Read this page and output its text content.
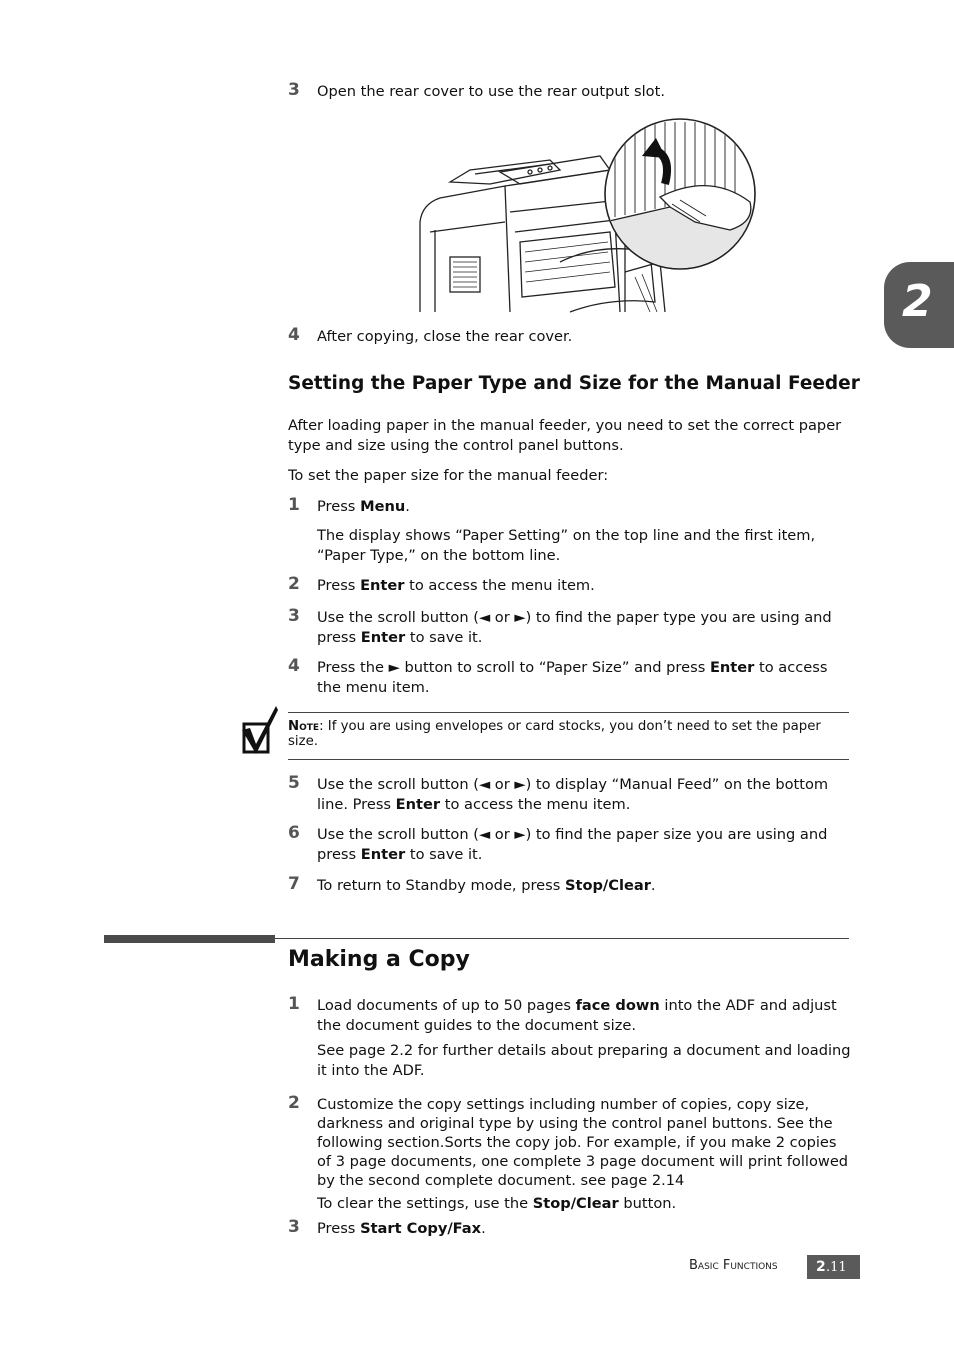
2
3 Open the rear cover to use the rear output slot.
4 After copying, close the rear cover.
Setting the Paper Type and Size for the Manual Feeder
After loading paper in the manual feeder, you need to set the correct paper type and size using the control panel buttons.
To set the paper size for the manual feeder:
1 Press Menu.
The display shows “Paper Setting” on the top line and the first item, “Paper Type,” on the bottom line.
2 Press Enter to access the menu item.
3 Use the scroll button (◄ or ►) to find the paper type you are using and press Enter to save it.
4 Press the ► button to scroll to “Paper Size” and press Enter to access the menu item.
Note: If you are using envelopes or card stocks, you don’t need to set the paper size.
5 Use the scroll button (◄ or ►) to display “Manual Feed” on the bottom line. Press Enter to access the menu item.
6 Use the scroll button (◄ or ►) to find the paper size you are using and press Enter to save it.
7 To return to Standby mode, press Stop/Clear.
Making a Copy
1 Load documents of up to 50 pages face down into the ADF and adjust the document guides to the document size.
See page 2.2 for further details about preparing a document and loading it into the ADF.
2 Customize the copy settings including number of copies, copy size, darkness and original type by using the control panel buttons. See the following section.Sorts the copy job. For example, if you make 2 copies of 3 page documents, one complete 3 page document will print followed by the second complete document. see page 2.14
To clear the settings, use the Stop/Clear button.
3 Press Start Copy/Fax.
Basic Functions	2 .11
